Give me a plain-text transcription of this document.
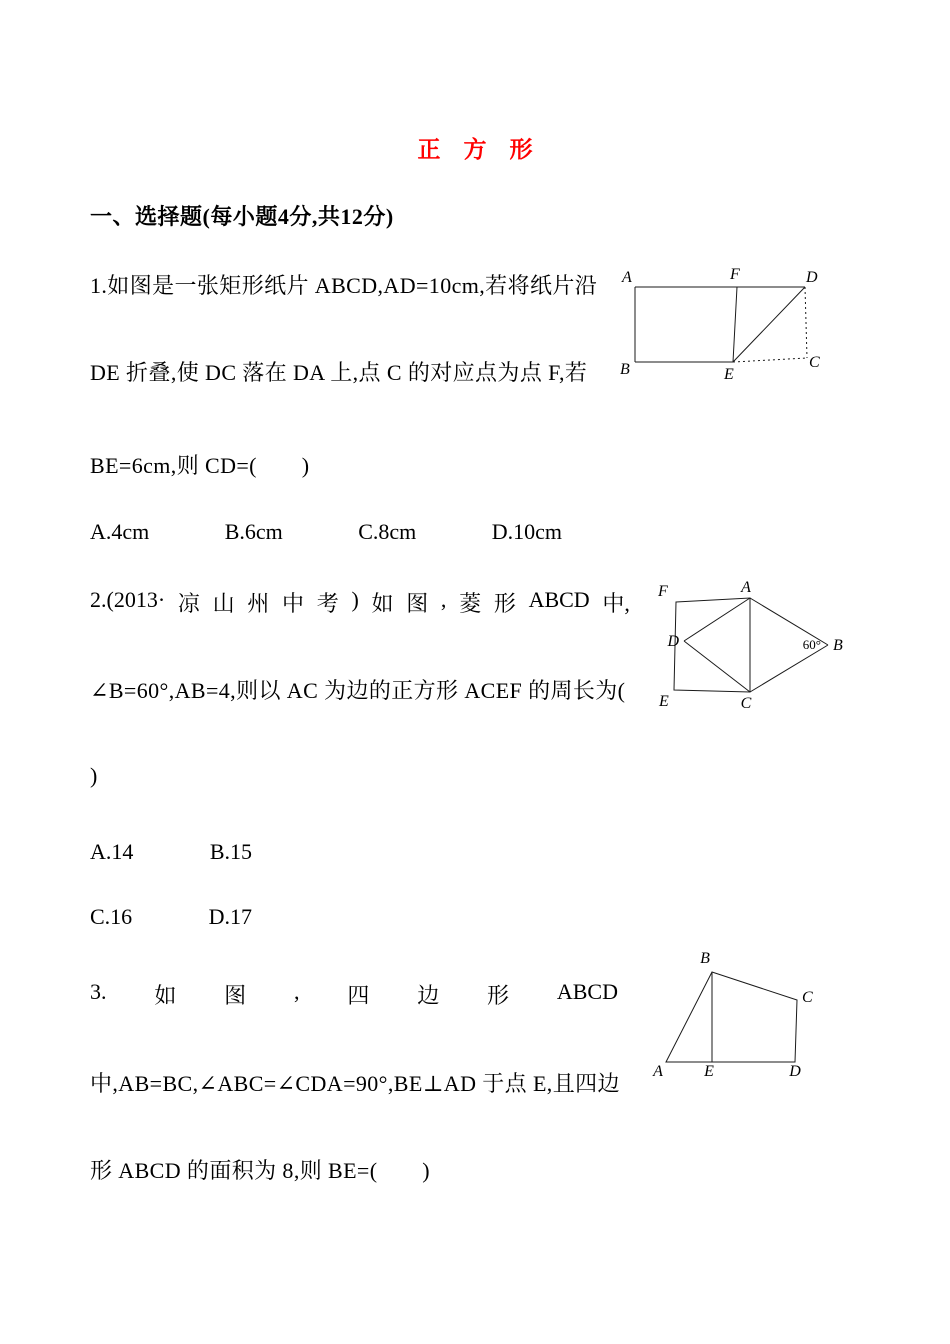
正　方　形
一、选择题(每小题4分,共12分)
1.如图是一张矩形纸片 ABCD,AD=10cm,若将纸片沿
DE 折叠,使 DC 落在 DA 上,点 C 的对应点为点 F,若
BE=6cm,则 CD=(　　)
A.4cm	B.6cm	C.8cm	D.10cm
A	F	D
B	E
C
2.(2013· 凉 山 州 中 考 ) 如 图 , 菱 形 ABCD 中,
∠B=60°,AB=4,则以 AC 为边的正方形 ACEF 的周长为(
)
A.14	B.15
C.16	D.17
F	A
D	B
E	C
60°
3. 如 图 , 四 边 形 ABCD
中,AB=BC,∠ABC=∠CDA=90°,BE⊥AD 于点 E,且四边
形 ABCD 的面积为 8,则 BE=(　　)
B
C
A	E	D
